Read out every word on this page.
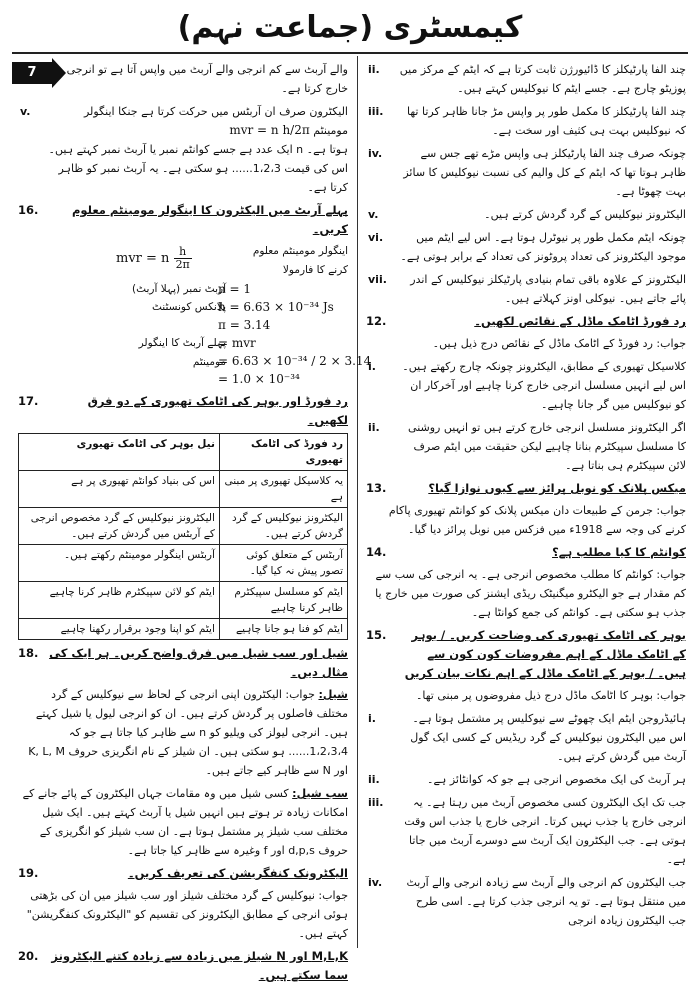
کیمسٹری (جماعت نہم)
7	والے آربٹ سے کم انرجی والے آربٹ میں واپس آتا ہے تو انرجی خارج کرتا ہے۔
v.	الیکٹرون صرف ان آربٹس میں حرکت کرتا ہے جنکا اینگولر مومینٹم mvr = n h/2π
ہوتا ہے۔ n ایک عدد ہے جسے کوانٹم نمبر یا آربٹ نمبر کہتے ہیں۔ اس کی قیمت 1،2،3...... ہو سکتی ہے۔ یہ آربٹ نمبر کو ظاہر کرتا ہے۔
16.	پہلے آربٹ میں الیکٹرون کا اینگولر مومینٹم معلوم کریں۔
اینگولر مومینٹم معلوم کرنے کا فارمولا
mvr = n $\frac{h}{2\pi}$
آربٹ نمبر (پہلا آربٹ)
n = 1
پلانکس کونسٹنٹ
h = 6.63 × 10⁻³⁴ Js
π = 3.14
پہلے آربٹ کا اینگولر مومینٹم
= mvr
= 6.63 × 10⁻³⁴ / 2 × 3.14
= 1.0 × 10⁻³⁴
17.	رد فورڈ اور بوہر کی اٹامک تھیوری کے دو فرق لکھیں۔
رد فورڈ کی اٹامک تھیوری	نیل بوہر کی اٹامک تھیوری
یہ کلاسیکل تھیوری پر مبنی ہے	اس کی بنیاد کوانٹم تھیوری پر ہے
الیکٹرونز نیوکلیس کے گرد گردش کرتے ہیں۔	الیکٹرونز نیوکلیس کے گرد مخصوص انرجی کے آربٹس میں گردش کرتے ہیں۔
آربٹس کے متعلق کوئی تصور پیش نہ کیا گیا۔	آربٹس اینگولر مومینٹم رکھتے ہیں۔
ایٹم کو مسلسل سپیکٹرم ظاہر کرنا چاہیے	ایٹم کو لائن سپیکٹرم ظاہر کرنا چاہیے
ایٹم کو فنا ہو جانا چاہیے	ایٹم کو اپنا وجود برقرار رکھنا چاہیے
18. شیل اور سب شیل میں فرق واضح کریں۔ ہر ایک کی مثال دیں۔
شیل: جواب: الیکٹرون اپنی انرجی کے لحاظ سے نیوکلیس کے گرد مختلف فاصلوں پر گردش کرتے ہیں۔ ان کو انرجی لیول یا شیل کہتے ہیں۔ انرجی لیولز کی ویلیو کو n سے ظاہر کیا جاتا ہے جو کہ 1،2،3،4...... ہو سکتی ہیں۔ ان شیلز کے نام انگریزی حروف K, L, M اور N سے ظاہر کیے جاتے ہیں۔
سب شیل: کسی شیل میں وہ مقامات جہاں الیکٹرون کے پائے جانے کے امکانات زیادہ تر ہوتے ہیں انہیں شیل یا آربٹ کہتے ہیں۔ ایک شیل مختلف سب شیلز پر مشتمل ہوتا ہے۔ ان سب شیلز کو انگریزی کے حروف d,p,s اور f وغیرہ سے ظاہر کیا جاتا ہے۔
19.	الیکٹرونک کنفگریشن کی تعریف کریں۔
جواب: نیوکلیس کے گرد مختلف شیلز اور سب شیلز میں ان کی بڑھتی ہوئی انرجی کے مطابق الیکٹرونز کی تقسیم کو "الیکٹرونک کنفگریشن" کہتے ہیں۔
20. M,L,K اور N شیلز میں زیادہ سے زیادہ کتنے الیکٹرونز سما سکتے ہیں۔
ii. چند الفا پارٹیکلز کا ڈائیورژن ثابت کرتا ہے کہ ایٹم کے مرکز میں پوزیٹو چارج ہے۔ جسے ایٹم کا نیوکلیس کہتے ہیں۔
iii. چند الفا پارٹیکلز کا مکمل طور پر واپس مڑ جانا ظاہر کرتا تھا کہ نیوکلیس بہت ہی کثیف اور سخت ہے۔
iv.	چونکہ صرف چند الفا پارٹیکلز ہی واپس مڑے تھے جس سے ظاہر ہوتا تھا کہ ایٹم کے کل والیم کی نسبت نیوکلیس کا سائز بہت چھوٹا ہے۔
v.	الیکٹرونز نیوکلیس کے گرد گردش کرتے ہیں۔
vi.	چونکہ ایٹم مکمل طور پر نیوٹرل ہوتا ہے۔ اس لیے ایٹم میں موجود الیکٹرونز کی تعداد پروٹونز کی تعداد کے برابر ہوتی ہے۔
vii. الیکٹرونز کے علاوہ باقی تمام بنیادی پارٹیکلز نیوکلیس کے اندر پائے جاتے ہیں۔ نیوکلی اونز کہلاتے ہیں۔
12.	رد فورڈ اٹامک ماڈل کے نقائص لکھیں۔
جواب: رد فورڈ کے اٹامک ماڈل کے نقائص درج ذیل ہیں۔
i. کلاسیکل تھیوری کے مطابق، الیکٹرونز چونکہ چارج رکھتے ہیں۔ اس لیے انہیں مسلسل انرجی خارج کرنا چاہیے اور آخرکار ان کو نیوکلیس میں گر جانا چاہیے۔
ii.	اگر الیکٹرونز مسلسل انرجی خارج کرتے ہیں تو انہیں روشنی کا مسلسل سپیکٹرم بنانا چاہیے لیکن حقیقت میں ایٹم صرف لائن سپیکٹرم ہی بناتا ہے۔
13.	میکس پلانک کو نوبل پرائز سے کیوں نوازا گیا؟
جواب: جرمن کے طبیعات دان میکس پلانک کو کوانٹم تھیوری پاکام کرنے کی وجہ سے 1918ء میں فزکس میں نوبل پرائز دیا گیا۔
14.	کوانٹم کا کیا مطلب ہے؟
جواب: کوانٹم کا مطلب مخصوص انرجی ہے۔ یہ انرجی کی سب سے کم مقدار ہے جو الیکٹرو میگنیٹک ریڈی ایشنز کی صورت میں خارج یا جذب ہو سکتی ہے۔ کوانٹم کی جمع کوانٹا ہے۔
15. بوہر کی اٹامک تھیوری کی وضاحت کریں۔ / بوہر کے اٹامک ماڈل کے اہم مفروضات کون کون سے ہیں۔ / بوہر کے اٹامک ماڈل کے اہم نکات بیان کریں
جواب: بوہر کا اٹامک ماڈل درج ذیل مفروضوں پر مبنی تھا۔
i.	ہائیڈروجن ایٹم ایک چھوٹے سے نیوکلیس پر مشتمل ہوتا ہے۔ اس میں الیکٹرون نیوکلیس کے گرد ریڈیس کے کسی ایک گول آربٹ میں گردش کرتے ہیں۔
ii.	ہر آربٹ کی ایک مخصوص انرجی ہے جو کہ کوانٹائز ہے۔
iii.	جب تک ایک الیکٹرون کسی مخصوص آربٹ میں رہتا ہے۔ یہ انرجی خارج یا جذب نہیں کرتا۔ انرجی خارج یا جذب اس وقت ہوتی ہے۔ جب الیکٹرون ایک آربٹ سے دوسرے آربٹ میں جاتا ہے۔
iv. جب الیکٹرون کم انرجی والے آربٹ سے زیادہ انرجی والے آربٹ میں منتقل ہوتا ہے۔ تو یہ انرجی جذب کرتا ہے۔ اسی طرح جب الیکٹرون زیادہ انرجی
